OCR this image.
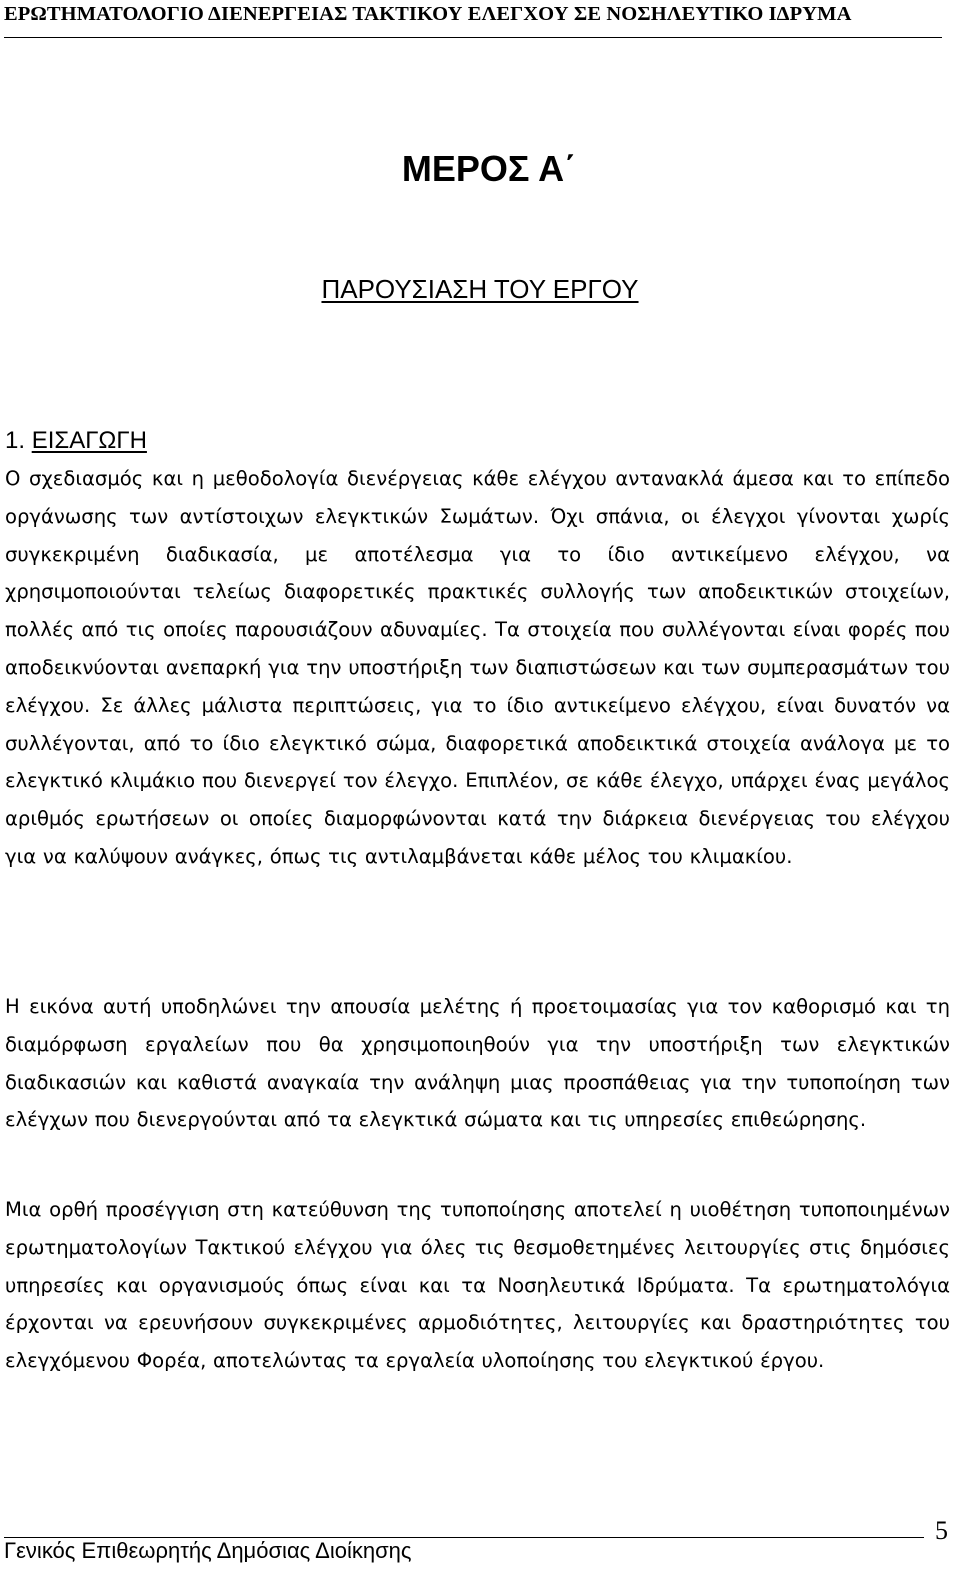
ΕΡΩΤΗΜΑΤΟΛΟΓΙΟ ΔΙΕΝΕΡΓΕΙΑΣ ΤΑΚΤΙΚΟΥ ΕΛΕΓΧΟΥ ΣΕ ΝΟΣΗΛΕΥΤΙΚΟ ΙΔΡΥΜΑ
ΜΕΡΟΣ Α΄
ΠΑΡΟΥΣΙΑΣΗ ΤΟΥ ΕΡΓΟΥ
1. ΕΙΣΑΓΩΓΗ

Ο σχεδιασμός και η μεθοδολογία διενέργειας κάθε ελέγχου αντανακλά άμεσα και το επίπεδο οργάνωσης των αντίστοιχων ελεγκτικών Σωμάτων. Όχι σπάνια, οι έλεγχοι γίνονται χωρίς συγκεκριμένη διαδικασία, με αποτέλεσμα για το ίδιο αντικείμενο ελέγχου, να χρησιμοποιούνται τελείως διαφορετικές πρακτικές συλλογής των αποδεικτικών στοιχείων, πολλές από τις οποίες παρουσιάζουν αδυναμίες. Τα στοιχεία που συλλέγονται είναι φορές που αποδεικνύονται ανεπαρκή για την υποστήριξη των διαπιστώσεων και των συμπερασμάτων του ελέγχου. Σε άλλες μάλιστα περιπτώσεις, για το ίδιο αντικείμενο ελέγχου, είναι δυνατόν να συλλέγονται, από το ίδιο ελεγκτικό σώμα, διαφορετικά αποδεικτικά στοιχεία ανάλογα με το ελεγκτικό κλιμάκιο που διενεργεί τον έλεγχο. Επιπλέον, σε κάθε έλεγχο, υπάρχει ένας μεγάλος αριθμός ερωτήσεων οι οποίες διαμορφώνονται κατά την διάρκεια διενέργειας του ελέγχου για να καλύψουν ανάγκες, όπως τις αντιλαμβάνεται κάθε μέλος του κλιμακίου.

Η εικόνα αυτή υποδηλώνει την απουσία μελέτης ή προετοιμασίας για τον καθορισμό και τη διαμόρφωση εργαλείων που θα χρησιμοποιηθούν για την υποστήριξη των ελεγκτικών διαδικασιών και καθιστά αναγκαία την ανάληψη μιας προσπάθειας για την τυποποίηση των ελέγχων που διενεργούνται από τα ελεγκτικά σώματα και τις υπηρεσίες επιθεώρησης.

Μια ορθή προσέγγιση στη κατεύθυνση της τυποποίησης αποτελεί η υιοθέτηση τυποποιημένων ερωτηματολογίων Τακτικού ελέγχου για όλες τις θεσμοθετημένες λειτουργίες στις δημόσιες υπηρεσίες και οργανισμούς όπως είναι και τα Νοσηλευτικά Ιδρύματα. Τα ερωτηματολόγια έρχονται να ερευνήσουν συγκεκριμένες αρμοδιότητες, λειτουργίες και δραστηριότητες του ελεγχόμενου Φορέα, αποτελώντας τα εργαλεία υλοποίησης του ελεγκτικού έργου.

Γενικός Επιθεωρητής Δημόσιας Διοίκησης
5
